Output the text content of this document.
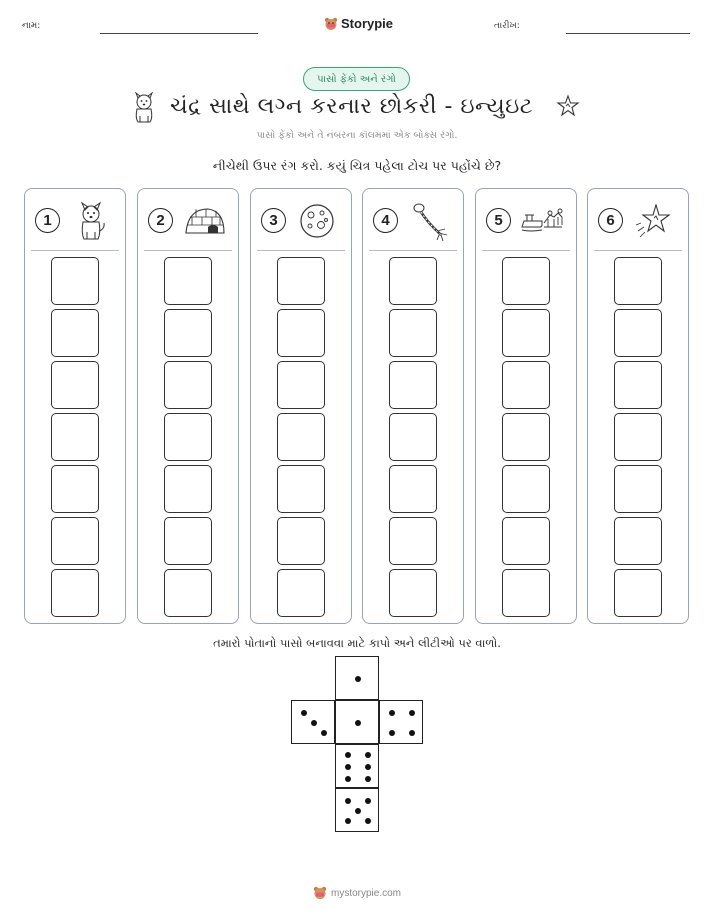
નામ:	Storypie	તારીખ:
પાસો ફેંકો અને રંગો
ચંદ્ર સાથે લગ્ન કરનાર છોકરી - ઇન્યુઇટ
પાસો ફેંકો અને તે નંબરના કૉલમમાં એક બોક્સ રંગો.
નીચેથી ઉપર રંગ કરો. કયું ચિત્ર પહેલા ટોચ પર પહોંચે છે?
1	2	3	4	5	6
તમારો પોતાનો પાસો બનાવવા માટે કાપો અને લીટીઓ પર વાળો.
mystorypie.com
